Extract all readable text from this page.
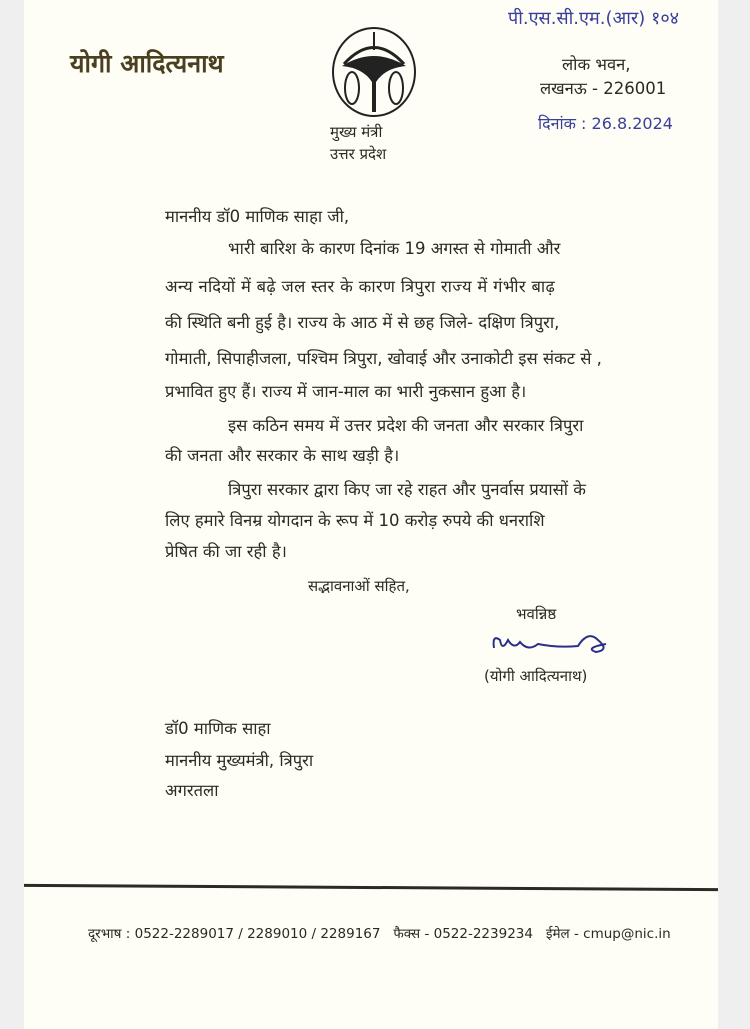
योगी आदित्यनाथ
मुख्य मंत्री
उत्तर प्रदेश
पी.एस.सी.एम.(आर) १०४
लोक भवन,
लखनऊ - 226001
दिनांक : 26.8.2024
माननीय डॉ0 माणिक साहा जी,
भारी बारिश के कारण दिनांक 19 अगस्त से गोमाती और
अन्य नदियों में बढ़े जल स्तर के कारण त्रिपुरा राज्य में गंभीर बाढ़
की स्थिति बनी हुई है। राज्य के आठ में से छह जिले- दक्षिण त्रिपुरा,
गोमाती, सिपाहीजला, पश्चिम त्रिपुरा, खोवाई और उनाकोटी इस संकट से ,
प्रभावित हुए हैं। राज्य में जान-माल का भारी नुकसान हुआ है।
इस कठिन समय में उत्तर प्रदेश की जनता और सरकार त्रिपुरा
की जनता और सरकार के साथ खड़ी है।
त्रिपुरा सरकार द्वारा किए जा रहे राहत और पुनर्वास प्रयासों के
लिए हमारे विनम्र योगदान के रूप में 10 करोड़ रुपये की धनराशि
प्रेषित की जा रही है।
सद्भावनाओं सहित,
भवन्निष्ठ
(योगी आदित्यनाथ)
डॉ0 माणिक साहा
माननीय मुख्यमंत्री, त्रिपुरा
अगरतला
दूरभाष : 0522-2289017 / 2289010 / 2289167   फैक्स - 0522-2239234   ईमेल - cmup@nic.in
